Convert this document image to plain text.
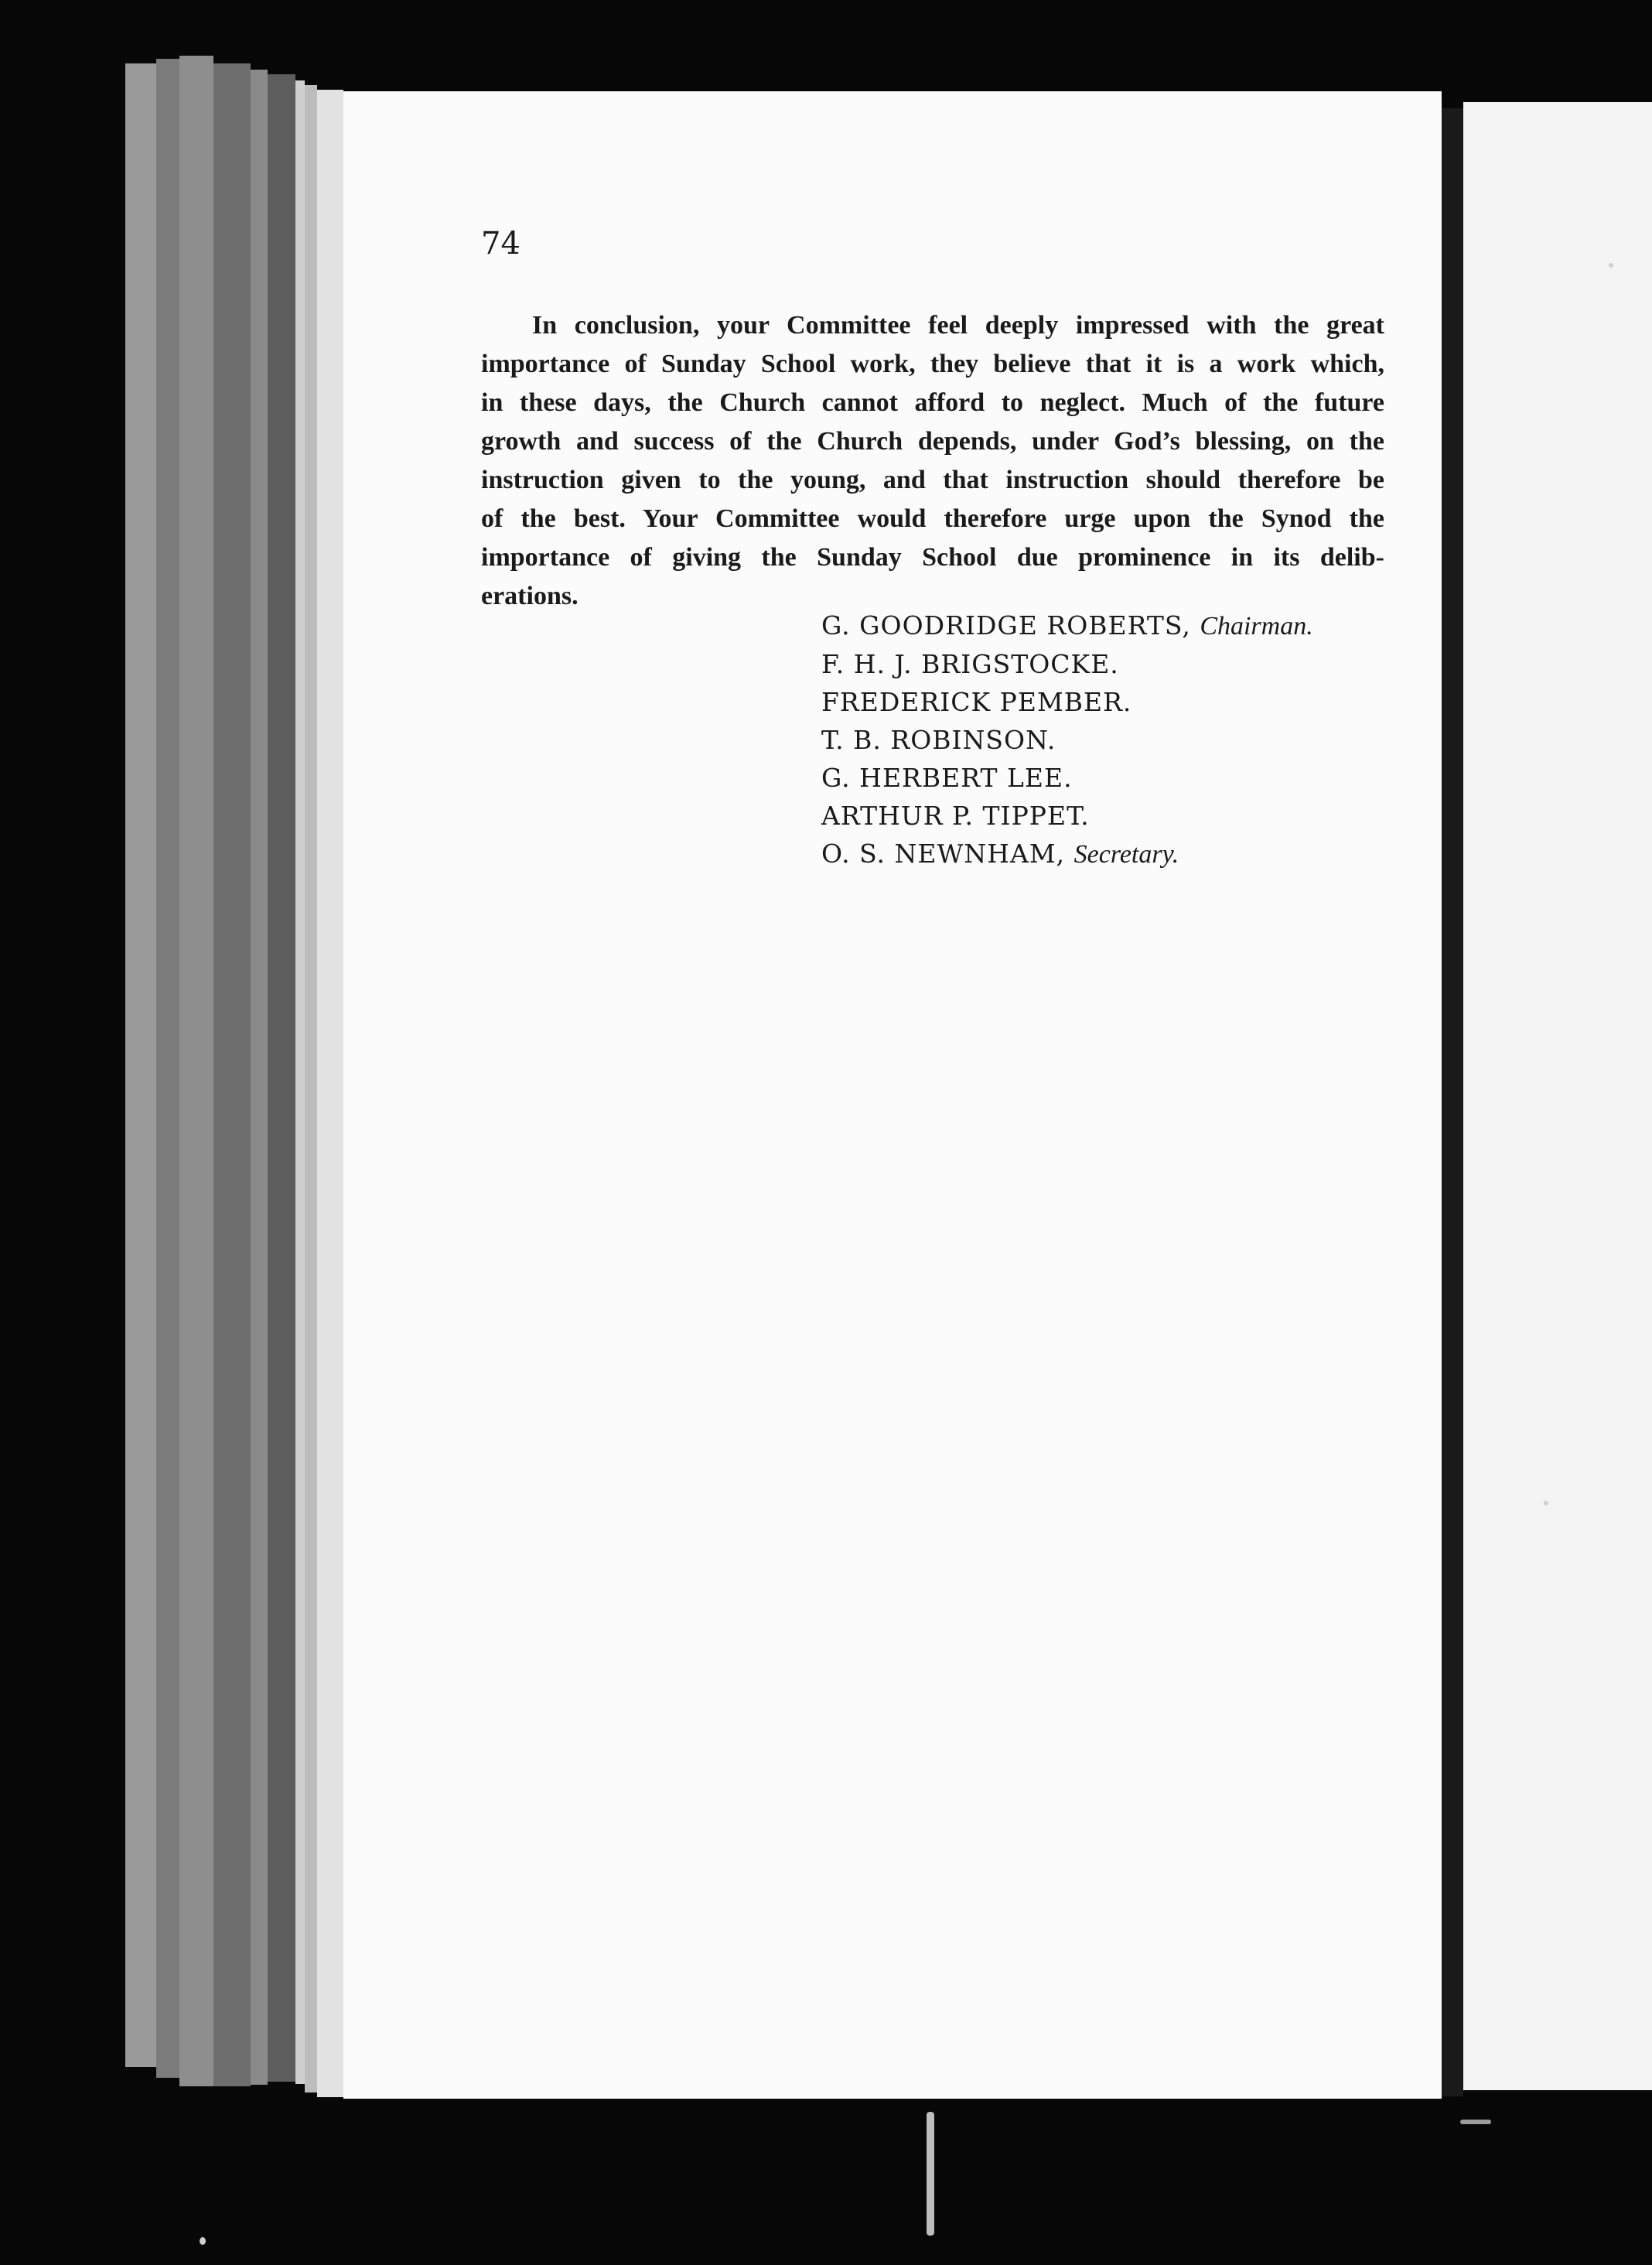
74
In conclusion, your Committee feel deeply impressed with the great
importance of Sunday School work, they believe that it is a work which,
in these days, the Church cannot afford to neglect. Much of the future
growth and success of the Church depends, under God’s blessing, on the
instruction given to the young, and that instruction should therefore be
of the best. Your Committee would therefore urge upon the Synod the
importance of giving the Sunday School due prominence in its delib-
erations.
G. GOODRIDGE ROBERTS, Chairman.
F. H. J. BRIGSTOCKE.
FREDERICK PEMBER.
T. B. ROBINSON.
G. HERBERT LEE.
ARTHUR P. TIPPET.
O. S. NEWNHAM, Secretary.
